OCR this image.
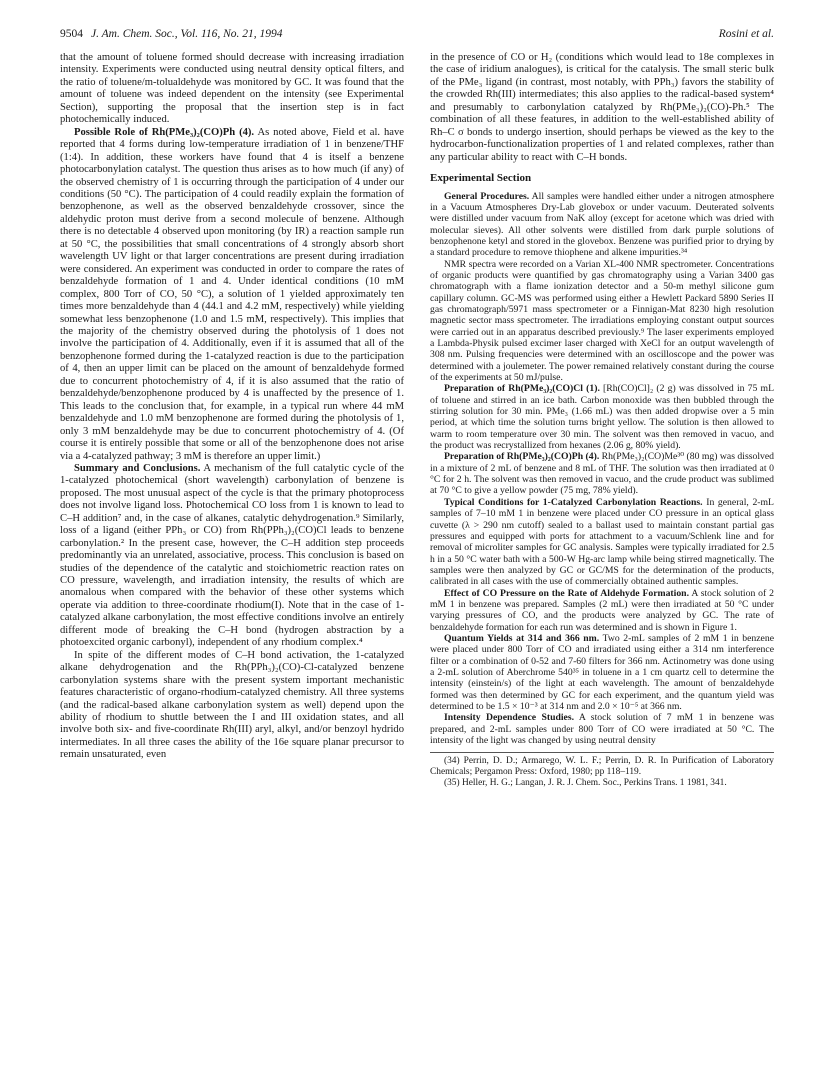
9504 J. Am. Chem. Soc., Vol. 116, No. 21, 1994	Rosini et al.

that the amount of toluene formed should decrease with increasing irradiation intensity. Experiments were conducted using neutral density optical filters, and the ratio of toluene/m-tolualdehyde was monitored by GC. It was found that the amount of toluene was indeed dependent on the intensity (see Experimental Section), supporting the proposal that the insertion step is in fact photochemically induced.

Possible Role of Rh(PMe₃)₂(CO)Ph (4). As noted above, Field et al. have reported that 4 forms during low-temperature irradiation of 1 in benzene/THF (1:4). In addition, these workers have found that 4 is itself a benzene photocarbonylation catalyst. The question thus arises as to how much (if any) of the observed chemistry of 1 is occurring through the participation of 4 under our conditions (50 °C). The participation of 4 could readily explain the formation of benzophenone, as well as the observed benzaldehyde crossover, since the aldehydic proton must derive from a second molecule of benzene. Although there is no detectable 4 observed upon monitoring (by IR) a reaction sample run at 50 °C, the possibilities that small concentrations of 4 strongly absorb short wavelength UV light or that larger concentrations are present during irradiation were considered. An experiment was conducted in order to compare the rates of benzaldehyde formation of 1 and 4. Under identical conditions (10 mM complex, 800 Torr of CO, 50 °C), a solution of 1 yielded approximately ten times more benzaldehyde than 4 (44.1 and 4.2 mM, respectively) while yielding somewhat less benzophenone (1.0 and 1.5 mM, respectively). This implies that the majority of the chemistry observed during the photolysis of 1 does not involve the participation of 4. Additionally, even if it is assumed that all of the benzophenone formed during the 1-catalyzed reaction is due to the participation of 4, then an upper limit can be placed on the amount of benzaldehyde formed due to concurrent photochemistry of 4, if it is also assumed that the ratio of benzaldehyde/benzophenone produced by 4 is unaffected by the presence of 1. This leads to the conclusion that, for example, in a typical run where 44 mM benzaldehyde and 1.0 mM benzophenone are formed during the photolysis of 1, only 3 mM benzaldehyde may be due to concurrent photochemistry of 4. (Of course it is entirely possible that some or all of the benzophenone does not arise via a 4-catalyzed pathway; 3 mM is therefore an upper limit.)

Summary and Conclusions. A mechanism of the full catalytic cycle of the 1-catalyzed photochemical (short wavelength) carbonylation of benzene is proposed. The most unusual aspect of the cycle is that the primary photoprocess does not involve ligand loss. Photochemical CO loss from 1 is known to lead to C–H addition⁷ and, in the case of alkanes, catalytic dehydrogenation.⁹ Similarly, loss of a ligand (either PPh₃ or CO) from Rh(PPh₃)₂(CO)Cl leads to benzene carbonylation.² In the present case, however, the C–H addition step proceeds predominantly via an unrelated, associative, process. This conclusion is based on studies of the dependence of the catalytic and stoichiometric reaction rates on CO pressure, wavelength, and irradiation intensity, the results of which are anomalous when compared with the behavior of these other systems which operate via addition to three-coordinate rhodium(I). Note that in the case of 1-catalyzed alkane carbonylation, the most effective conditions involve an entirely different mode of breaking the C–H bond (hydrogen abstraction by a photoexcited organic carbonyl), independent of any rhodium complex.⁴

In spite of the different modes of C–H bond activation, the 1-catalyzed alkane dehydrogenation and the Rh(PPh₃)₂(CO)-Cl-catalyzed benzene carbonylation systems share with the present system important mechanistic features characteristic of organo-rhodium-catalyzed chemistry. All three systems (and the radical-based alkane carbonylation system as well) depend upon the ability of rhodium to shuttle between the I and III oxidation states, and all involve both six- and five-coordinate Rh(III) aryl, alkyl, and/or benzoyl hydrido intermediates. In all three cases the ability of the 16e square planar precursor to remain unsaturated, even

in the presence of CO or H₂ (conditions which would lead to 18e complexes in the case of iridium analogues), is critical for the catalysis. The small steric bulk of the PMe₃ ligand (in contrast, most notably, with PPh₃) favors the stability of the crowded Rh(III) intermediates; this also applies to the radical-based system⁴ and presumably to carbonylation catalyzed by Rh(PMe₃)₂(CO)-Ph.⁵ The combination of all these features, in addition to the well-established ability of Rh–C σ bonds to undergo insertion, should perhaps be viewed as the key to the hydrocarbon-functionalization properties of 1 and related complexes, rather than any particular ability to react with C–H bonds.

Experimental Section

General Procedures. All samples were handled either under a nitrogen atmosphere in a Vacuum Atmospheres Dry-Lab glovebox or under vacuum. Deuterated solvents were distilled under vacuum from NaK alloy (except for acetone which was dried with molecular sieves). All other solvents were distilled from dark purple solutions of benzophenone ketyl and stored in the glovebox. Benzene was purified prior to drying by a standard procedure to remove thiophene and alkene impurities.³⁴

NMR spectra were recorded on a Varian XL-400 NMR spectrometer. Concentrations of organic products were quantified by gas chromatography using a Varian 3400 gas chromatograph with a flame ionization detector and a 50-m methyl silicone gum capillary column. GC-MS was performed using either a Hewlett Packard 5890 Series II gas chromatograph/5971 mass spectrometer or a Finnigan-Mat 8230 high resolution magnetic sector mass spectrometer. The irradiations employing constant output sources were carried out in an apparatus described previously.⁹ The laser experiments employed a Lambda-Physik pulsed excimer laser charged with XeCl for an output wavelength of 308 nm. Pulsing frequencies were determined with an oscilloscope and the power was determined with a joulemeter. The power remained relatively constant during the course of the experiments at 50 mJ/pulse.

Preparation of Rh(PMe₃)₂(CO)Cl (1). [Rh(CO)Cl]₂ (2 g) was dissolved in 75 mL of toluene and stirred in an ice bath. Carbon monoxide was then bubbled through the stirring solution for 30 min. PMe₃ (1.66 mL) was then added dropwise over a 5 min period, at which time the solution turns bright yellow. The solution is then allowed to warm to room temperature over 30 min. The solvent was then removed in vacuo, and the product was recrystallized from hexanes (2.06 g, 80% yield).

Preparation of Rh(PMe₃)₂(CO)Ph (4). Rh(PMe₃)₂(CO)Me³⁰ (80 mg) was dissolved in a mixture of 2 mL of benzene and 8 mL of THF. The solution was then irradiated at 0 °C for 2 h. The solvent was then removed in vacuo, and the crude product was sublimed at 70 °C to give a yellow powder (75 mg, 78% yield).

Typical Conditions for 1-Catalyzed Carbonylation Reactions. In general, 2-mL samples of 7–10 mM 1 in benzene were placed under CO pressure in an optical glass cuvette (λ > 290 nm cutoff) sealed to a ballast used to maintain constant partial gas pressures and equipped with ports for attachment to a vacuum/Schlenk line and for removal of microliter samples for GC analysis. Samples were typically irradiated for 2.5 h in a 50 °C water bath with a 500-W Hg-arc lamp while being stirred magnetically. The samples were then analyzed by GC or GC/MS for the determination of the products, calibrated in all cases with the use of commercially obtained authentic samples.

Effect of CO Pressure on the Rate of Aldehyde Formation. A stock solution of 2 mM 1 in benzene was prepared. Samples (2 mL) were then irradiated at 50 °C under varying pressures of CO, and the products were analyzed by GC. The rate of benzaldehyde formation for each run was determined and is shown in Figure 1.

Quantum Yields at 314 and 366 nm. Two 2-mL samples of 2 mM 1 in benzene were placed under 800 Torr of CO and irradiated using either a 314 nm interference filter or a combination of 0-52 and 7-60 filters for 366 nm. Actinometry was done using a 2-mL solution of Aberchrome 540³⁵ in toluene in a 1 cm quartz cell to determine the intensity (einstein/s) of the light at each wavelength. The amount of benzaldehyde formed was then determined by GC for each experiment, and the quantum yield was determined to be 1.5 × 10⁻³ at 314 nm and 2.0 × 10⁻⁵ at 366 nm.

Intensity Dependence Studies. A stock solution of 7 mM 1 in benzene was prepared, and 2-mL samples under 800 Torr of CO were irradiated at 50 °C. The intensity of the light was changed by using neutral density

(34) Perrin, D. D.; Armarego, W. L. F.; Perrin, D. R. In Purification of Laboratory Chemicals; Pergamon Press: Oxford, 1980; pp 118–119.

(35) Heller, H. G.; Langan, J. R. J. Chem. Soc., Perkins Trans. 1 1981, 341.
